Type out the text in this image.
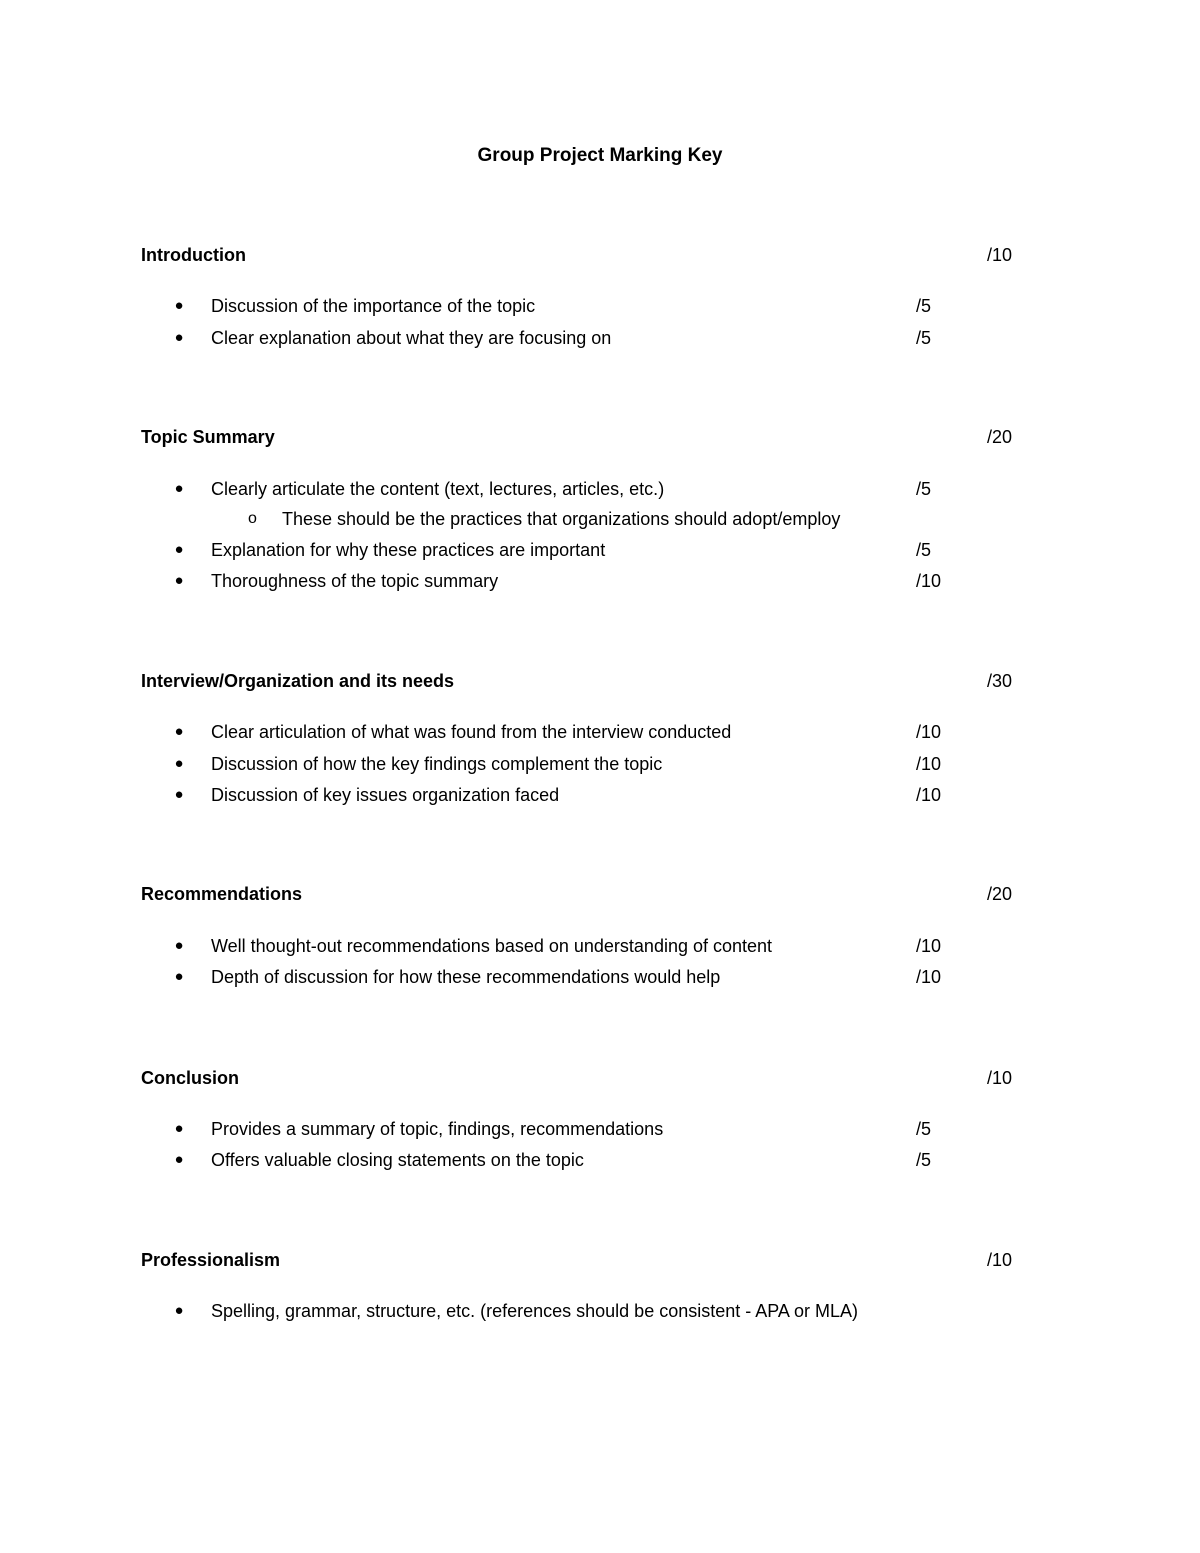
Group Project Marking Key
Introduction	/10
● Discussion of the importance of the topic	/5
● Clear explanation about what they are focusing on	/5
Topic Summary	/20
● Clearly articulate the content (text, lectures, articles, etc.)	/5
o These should be the practices that organizations should adopt/employ
● Explanation for why these practices are important	/5
● Thoroughness of the topic summary	/10
Interview/Organization and its needs	/30
● Clear articulation of what was found from the interview conducted	/10
● Discussion of how the key findings complement the topic	/10
● Discussion of key issues organization faced	/10
Recommendations	/20
● Well thought-out recommendations based on understanding of content	/10
● Depth of discussion for how these recommendations would help	/10
Conclusion	/10
● Provides a summary of topic, findings, recommendations	/5
● Offers valuable closing statements on the topic	/5
Professionalism	/10
● Spelling, grammar, structure, etc. (references should be consistent - APA or MLA)
